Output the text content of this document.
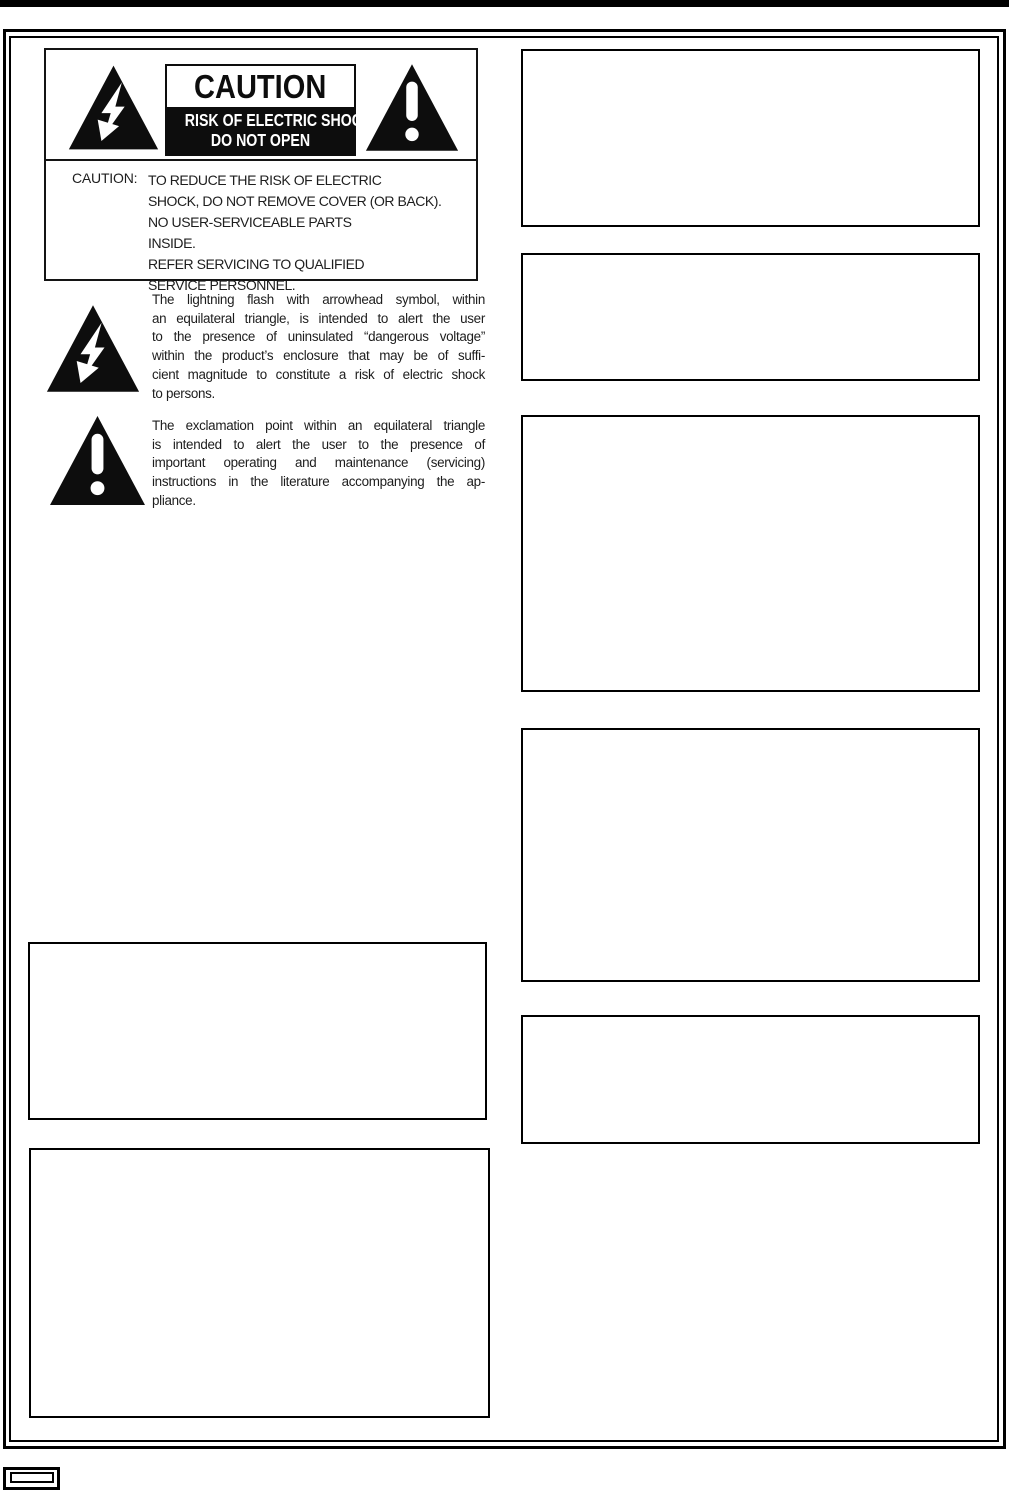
CAUTION
RISK OF ELECTRIC SHOCK
DO NOT OPEN
CAUTION: TO REDUCE THE RISK OF ELECTRIC
SHOCK, DO NOT REMOVE COVER (OR BACK).
NO USER-SERVICEABLE PARTS
INSIDE.
REFER SERVICING TO QUALIFIED
SERVICE PERSONNEL.
The lightning flash with arrowhead symbol, within
an equilateral triangle, is intended to alert the user
to the presence of uninsulated “dangerous voltage”
within the product’s enclosure that may be of suffi-
cient magnitude to constitute a risk of electric shock
to persons.
The exclamation point within an equilateral triangle
is intended to alert the user to the presence of
important operating and maintenance (servicing)
instructions in the literature accompanying the ap-
pliance.
